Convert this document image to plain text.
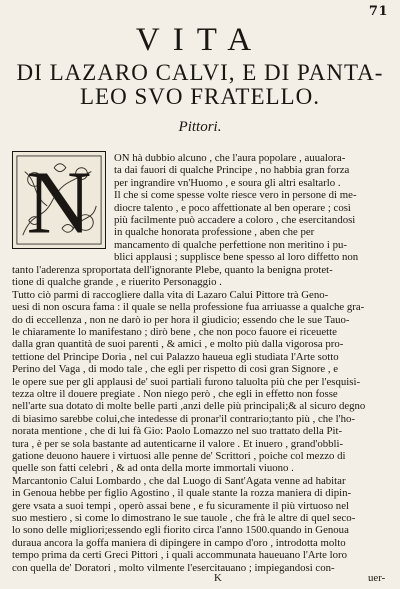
71
VITA
DI LAZARO CALVI, E DI PANTA-
LEO SVO FRATELLO.
Pittori.
N ON hà dubbio alcuno , che l'aura popolare , auualora-
ta dai fauori di qualche Principe , no habbia gran forza
per ingrandire vn'Huomo , e soura gli altri esaltarlo .
Il che si come spesse volte riesce vero in persone di me-
diocre talento , e poco affettionate al ben operare ; così
più facilmente può accadere a coloro , che esercitandosi
in qualche honorata professione , aben che per
mancamento di qualche perfettione non meritino i pu-
blici applausi ; supplisce bene spesso al loro diffetto non
tanto l'aderenza sproportata dell'ignorante Plebe, quanto la benigna protet-
tione di qualche grande , e riuerito Personaggio .
Tutto ciò parmi di raccogliere dalla vita di Lazaro Calui Pittore trà Geno-
uesi di non oscura fama : il quale se nella professione fua arriuasse a qualche gra-
do di eccellenza , non ne darò io per hora il giudicio; essendo che le sue Tauo-
le chiaramente lo manifestano ; dirò bene , che non poco fauore ei riceuette
dalla gran quantità de suoi parenti , & amici , e molto più dalla vigorosa pro-
tettione del Principe Doria , nel cui Palazzo haueua egli studiata l'Arte sotto
Perino del Vaga , di modo tale , che egli per rispetto di così gran Signore , e
le opere sue per gli applausi de' suoi partiali furono taluolta più che per l'esquisi-
tezza oltre il douere pregiate . Non niego però , che egli in effetto non fosse
nell'arte sua dotato di molte belle parti ,anzi delle più principali;& al sicuro degno
di biasimo sarebbe colui,che intedesse di pronar'il contrario;tanto più , che l'ho-
norata mentione , che di lui fà Gio: Paolo Lomazzo nel suo trattato della Pit-
tura , è per se sola bastante ad autenticarne il valore . Et inuero , grand'obbli-
gatione deuono hauere i virtuosi alle penne de' Scrittori , poiche col mezzo di
quelle son fatti celebri , & ad onta della morte immortali viuono .
Marcantonio Calui Lombardo , che dal Luogo di Sant'Agata venne ad habitar
in Genoua hebbe per figlio Agostino , il quale stante la rozza maniera di dipin-
gere vsata a suoi tempi , operò assai bene , e fu sicuramente il più virtuoso nel
suo mestiero , si come lo dimostrano le sue tauole , che frà le altre di quel seco-
lo sono delle migliori;essendo egli fiorito circa l'anno 1500.quando in Genoua
duraua ancora la goffa maniera di dipingere in campo d'oro , introdotta molto
tempo prima da certi Greci Pittori , i quali accommunata haueuano l'Arte loro
con quella de' Doratori , molto vilmente l'esercitauano ; impiegandosi con-
K	uer-
